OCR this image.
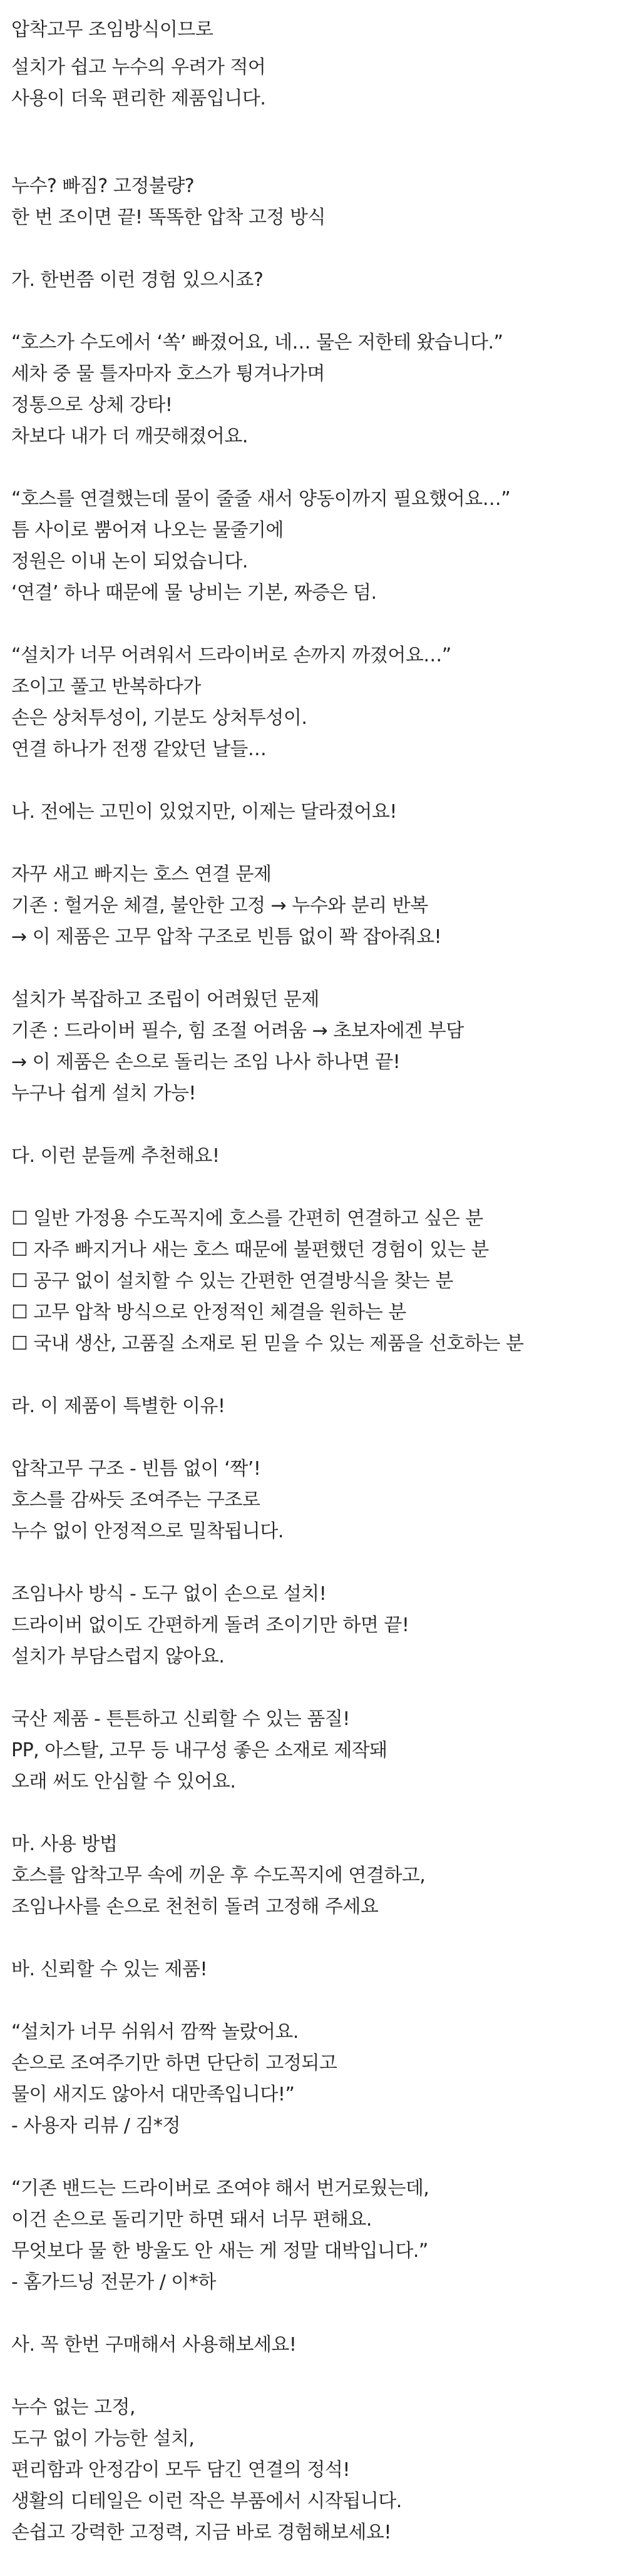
압착고무 조임방식이므로

설치가 쉽고 누수의 우려가 적어

사용이 더욱 편리한 제품입니다.

누수? 빠짐? 고정불량?

한 번 조이면 끝! 똑똑한 압착 고정 방식

가. 한번쯤 이런 경험 있으시죠?

“호스가 수도에서 ‘쏙’ 빠졌어요, 네… 물은 저한테 왔습니다.”

세차 중 물 틀자마자 호스가 튕겨나가며

정통으로 상체 강타!

차보다 내가 더 깨끗해졌어요.

“호스를 연결했는데 물이 줄줄 새서 양동이까지 필요했어요…”

틈 사이로 뿜어져 나오는 물줄기에

정원은 이내 논이 되었습니다.

‘연결’ 하나 때문에 물 낭비는 기본, 짜증은 덤.

“설치가 너무 어려워서 드라이버로 손까지 까졌어요…”

조이고 풀고 반복하다가

손은 상처투성이, 기분도 상처투성이.

연결 하나가 전쟁 같았던 날들…

나. 전에는 고민이 있었지만, 이제는 달라졌어요!

자꾸 새고 빠지는 호스 연결 문제

기존 : 헐거운 체결, 불안한 고정 → 누수와 분리 반복

→ 이 제품은 고무 압착 구조로 빈틈 없이 꽉 잡아줘요!

설치가 복잡하고 조립이 어려웠던 문제

기존 : 드라이버 필수, 힘 조절 어려움 → 초보자에겐 부담

→ 이 제품은 손으로 돌리는 조임 나사 하나면 끝!

누구나 쉽게 설치 가능!

다. 이런 분들께 추천해요!

☐ 일반 가정용 수도꼭지에 호스를 간편히 연결하고 싶은 분

☐ 자주 빠지거나 새는 호스 때문에 불편했던 경험이 있는 분

☐ 공구 없이 설치할 수 있는 간편한 연결방식을 찾는 분

☐ 고무 압착 방식으로 안정적인 체결을 원하는 분

☐ 국내 생산, 고품질 소재로 된 믿을 수 있는 제품을 선호하는 분

라. 이 제품이 특별한 이유!

압착고무 구조 - 빈틈 없이 ‘짝’!

호스를 감싸듯 조여주는 구조로

누수 없이 안정적으로 밀착됩니다.

조임나사 방식 - 도구 없이 손으로 설치!

드라이버 없이도 간편하게 돌려 조이기만 하면 끝!

설치가 부담스럽지 않아요.

국산 제품 - 튼튼하고 신뢰할 수 있는 품질!

PP, 아스탈, 고무 등 내구성 좋은 소재로 제작돼

오래 써도 안심할 수 있어요.

마. 사용 방법

호스를 압착고무 속에 끼운 후 수도꼭지에 연결하고,

조임나사를 손으로 천천히 돌려 고정해 주세요

바. 신뢰할 수 있는 제품!

“설치가 너무 쉬워서 깜짝 놀랐어요.

손으로 조여주기만 하면 단단히 고정되고

물이 새지도 않아서 대만족입니다!”

- 사용자 리뷰 / 김*정

“기존 밴드는 드라이버로 조여야 해서 번거로웠는데,

이건 손으로 돌리기만 하면 돼서 너무 편해요.

무엇보다 물 한 방울도 안 새는 게 정말 대박입니다.”

- 홈가드닝 전문가 / 이*하

사. 꼭 한번 구매해서 사용해보세요!

누수 없는 고정,

도구 없이 가능한 설치,

편리함과 안정감이 모두 담긴 연결의 정석!

생활의 디테일은 이런 작은 부품에서 시작됩니다.

손쉽고 강력한 고정력, 지금 바로 경험해보세요!
